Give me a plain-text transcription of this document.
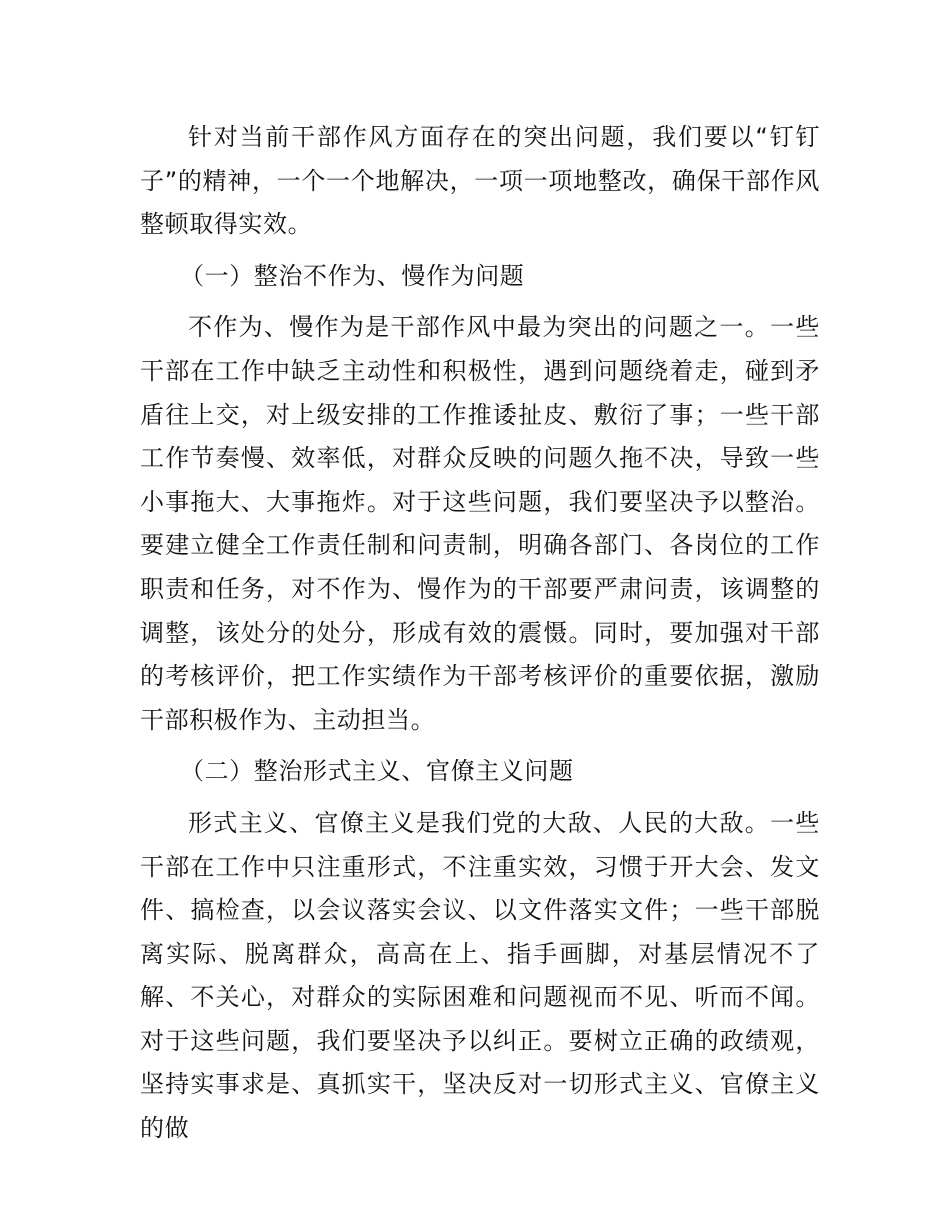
针对当前干部作风方面存在的突出问题，我们要以“钉钉子”的精神，一个一个地解决，一项一项地整改，确保干部作风整顿取得实效。

（一）整治不作为、慢作为问题

不作为、慢作为是干部作风中最为突出的问题之一。一些干部在工作中缺乏主动性和积极性，遇到问题绕着走，碰到矛盾往上交，对上级安排的工作推诿扯皮、敷衍了事；一些干部工作节奏慢、效率低，对群众反映的问题久拖不决，导致一些小事拖大、大事拖炸。对于这些问题，我们要坚决予以整治。要建立健全工作责任制和问责制，明确各部门、各岗位的工作职责和任务，对不作为、慢作为的干部要严肃问责，该调整的调整，该处分的处分，形成有效的震慑。同时，要加强对干部的考核评价，把工作实绩作为干部考核评价的重要依据，激励干部积极作为、主动担当。

（二）整治形式主义、官僚主义问题

形式主义、官僚主义是我们党的大敌、人民的大敌。一些干部在工作中只注重形式，不注重实效，习惯于开大会、发文件、搞检查，以会议落实会议、以文件落实文件；一些干部脱离实际、脱离群众，高高在上、指手画脚，对基层情况不了解、不关心，对群众的实际困难和问题视而不见、听而不闻。对于这些问题，我们要坚决予以纠正。要树立正确的政绩观，坚持实事求是、真抓实干，坚决反对一切形式主义、官僚主义的做
